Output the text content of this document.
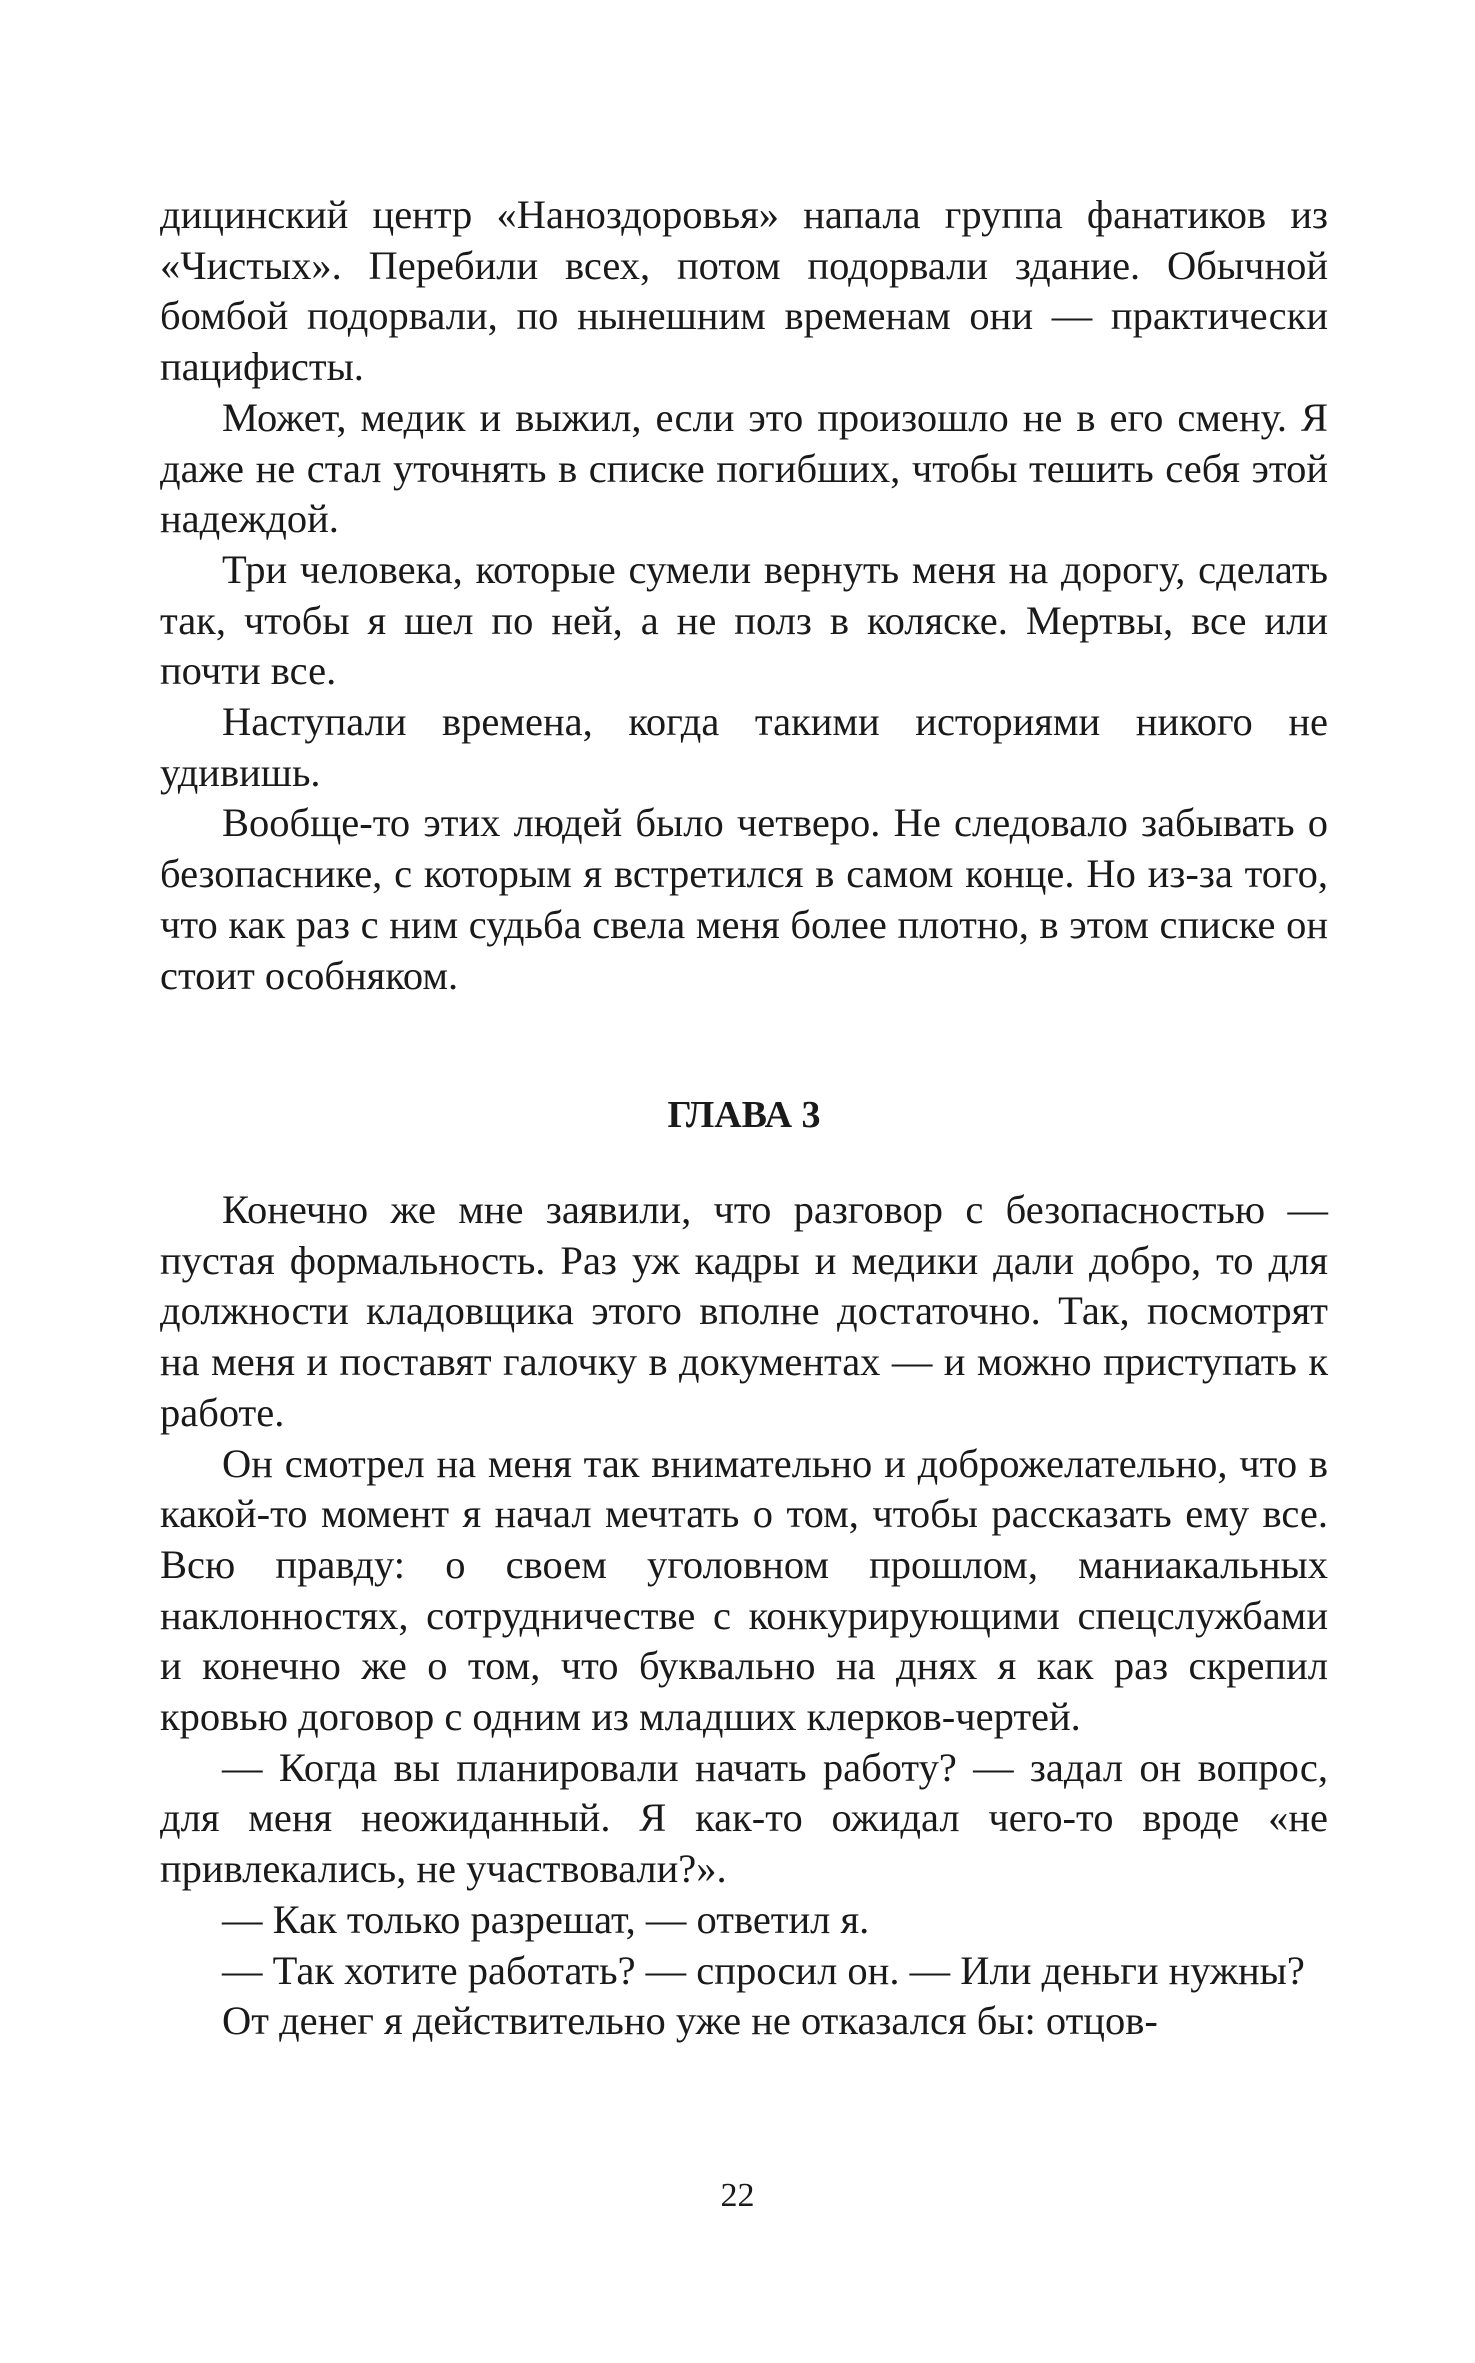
дицинский центр «Наноздоровья» напала группа фанатиков из «Чистых». Перебили всех, потом подорвали здание. Обычной бомбой подорвали, по нынешним временам они — практически пацифисты.

Может, медик и выжил, если это произошло не в его смену. Я даже не стал уточнять в списке погибших, чтобы тешить себя этой надеждой.

Три человека, которые сумели вернуть меня на дорогу, сделать так, чтобы я шел по ней, а не полз в коляске. Мертвы, все или почти все.

Наступали времена, когда такими историями никого не удивишь.

Вообще-то этих людей было четверо. Не следовало забывать о безопаснике, с которым я встретился в самом конце. Но из-за того, что как раз с ним судьба свела меня более плотно, в этом списке он стоит особняком.

ГЛАВА 3

Конечно же мне заявили, что разговор с безопасностью — пустая формальность. Раз уж кадры и медики дали добро, то для должности кладовщика этого вполне достаточно. Так, посмотрят на меня и поставят галочку в документах — и можно приступать к работе.

Он смотрел на меня так внимательно и доброжелательно, что в какой-то момент я начал мечтать о том, чтобы рассказать ему все. Всю правду: о своем уголовном прошлом, маниакальных наклонностях, сотрудничестве с конкурирующими спецслужбами и конечно же о том, что буквально на днях я как раз скрепил кровью договор с одним из младших клерков-чертей.

— Когда вы планировали начать работу? — задал он вопрос, для меня неожиданный. Я как-то ожидал чего-то вроде «не привлекались, не участвовали?».

— Как только разрешат, — ответил я.

— Так хотите работать? — спросил он. — Или деньги нужны?

От денег я действительно уже не отказался бы: отцов-

22
